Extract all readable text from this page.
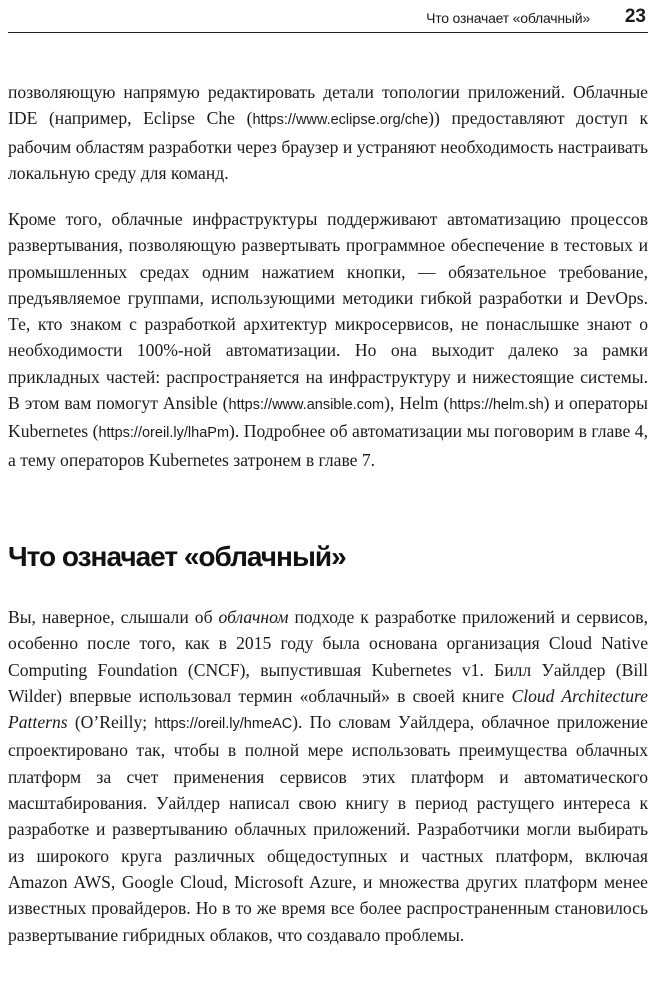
Что означает «облачный» 23

позволяющую напрямую редактировать детали топологии приложений. Облачные IDE (например, Eclipse Che (https://www.eclipse.org/che)) предоставляют доступ к рабочим областям разработки через браузер и устраняют необходимость настраивать локальную среду для команд.

Кроме того, облачные инфраструктуры поддерживают автоматизацию процессов развертывания, позволяющую развертывать программное обеспечение в тестовых и промышленных средах одним нажатием кнопки, — обязательное требование, предъявляемое группами, использующими методики гибкой разработки и DevOps. Те, кто знаком с разработкой архитектур микросервисов, не понаслышке знают о необходимости 100%-ной автоматизации. Но она выходит далеко за рамки прикладных частей: распространяется на инфраструктуру и нижестоящие системы. В этом вам помогут Ansible (https://www.ansible.com), Helm (https://helm.sh) и операторы Kubernetes (https://oreil.ly/lhaPm). Подробнее об автоматизации мы поговорим в главе 4, а тему операторов Kubernetes затронем в главе 7.

Что означает «облачный»

Вы, наверное, слышали об облачном подходе к разработке приложений и сервисов, особенно после того, как в 2015 году была основана организация Cloud Native Computing Foundation (CNCF), выпустившая Kubernetes v1. Билл Уайлдер (Bill Wilder) впервые использовал термин «облачный» в своей книге Cloud Architecture Patterns (O’Reilly; https://oreil.ly/hmeAC). По словам Уайлдера, облачное приложение спроектировано так, чтобы в полной мере использовать преимущества облачных платформ за счет применения сервисов этих платформ и автоматического масштабирования. Уайлдер написал свою книгу в период растущего интереса к разработке и развертыванию облачных приложений. Разработчики могли выбирать из широкого круга различных общедоступных и частных платформ, включая Amazon AWS, Google Cloud, Microsoft Azure, и множества других платформ менее известных провайдеров. Но в то же время все более распространенным становилось развертывание гибридных облаков, что создавало проблемы.
